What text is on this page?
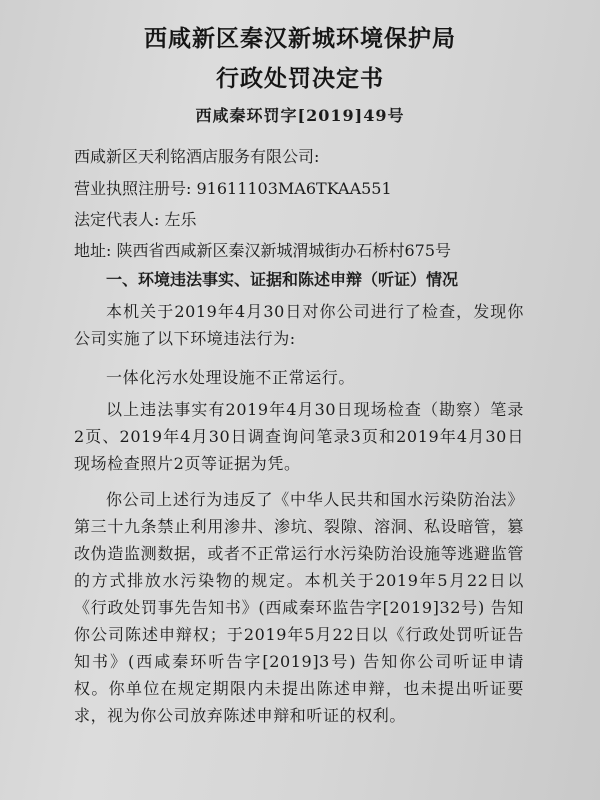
西咸新区秦汉新城环境保护局
行政处罚决定书
西咸秦环罚字[2019]49号
西咸新区天利铭酒店服务有限公司:
营业执照注册号: 91611103MA6TKAA551
法定代表人: 左乐
地址: 陕西省西咸新区秦汉新城渭城街办石桥村675号
一、环境违法事实、证据和陈述申辩（听证）情况
本机关于2019年4月30日对你公司进行了检查，发现你公司实施了以下环境违法行为:
一体化污水处理设施不正常运行。
以上违法事实有2019年4月30日现场检查（勘察）笔录2页、2019年4月30日调查询问笔录3页和2019年4月30日现场检查照片2页等证据为凭。
你公司上述行为违反了《中华人民共和国水污染防治法》第三十九条禁止利用渗井、渗坑、裂隙、溶洞、私设暗管，篡改伪造监测数据，或者不正常运行水污染防治设施等逃避监管的方式排放水污染物的规定。本机关于2019年5月22日以《行政处罚事先告知书》(西咸秦环监告字[2019]32号) 告知你公司陈述申辩权；于2019年5月22日以《行政处罚听证告知书》(西咸秦环听告字[2019]3号) 告知你公司听证申请权。你单位在规定期限内未提出陈述申辩，也未提出听证要求，视为你公司放弃陈述申辩和听证的权利。
